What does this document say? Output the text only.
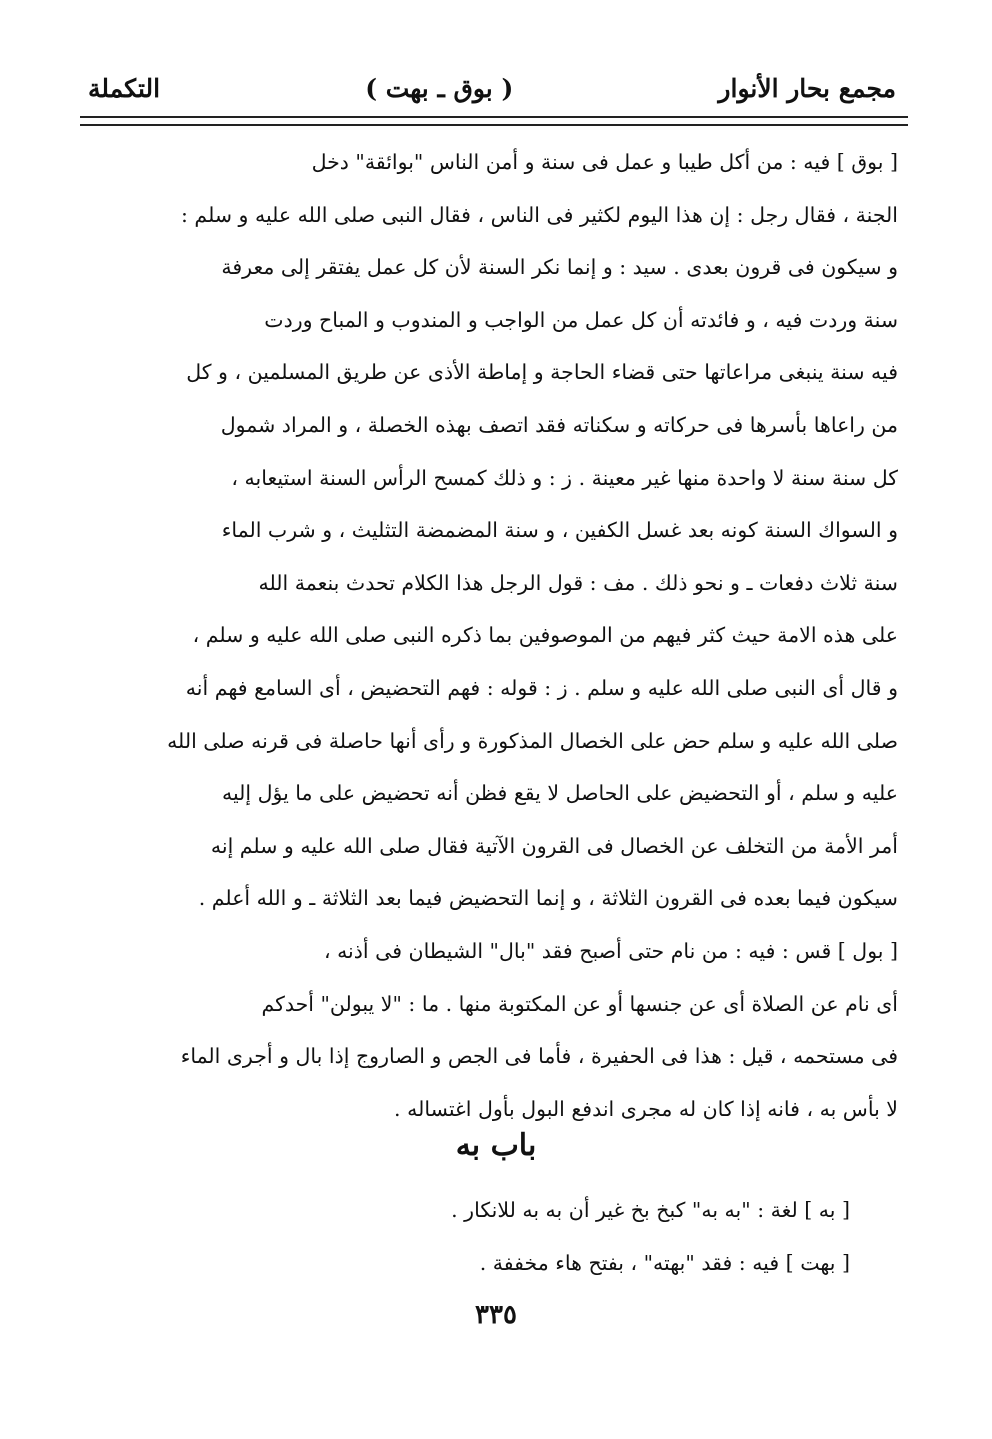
مجمع بحار الأنوار
( بوق ـ بهت )
التكملة
[ بوق ] فيه : من أكل طيبا و عمل فى سنة و أمن الناس "بوائقة" دخل
الجنة ، فقال رجل : إن هذا اليوم لكثير فى الناس ، فقال النبى صلى الله عليه و سلم :
و سيكون فى قرون بعدى . سيد : و إنما نكر السنة لأن كل عمل يفتقر إلى معرفة
سنة وردت فيه ، و فائدته أن كل عمل من الواجب و المندوب و المباح وردت
فيه سنة ينبغى مراعاتها حتى قضاء الحاجة و إماطة الأذى عن طريق المسلمين ، و كل
من راعاها بأسرها فى حركاته و سكناته فقد اتصف بهذه الخصلة ، و المراد شمول
كل سنة سنة لا واحدة منها غير معينة . ز : و ذلك كمسح الرأس السنة استيعابه ،
و السواك السنة كونه بعد غسل الكفين ، و سنة المضمضة التثليث ، و شرب الماء
سنة ثلاث دفعات ـ و نحو ذلك . مف : قول الرجل هذا الكلام تحدث بنعمة الله
على هذه الامة حيث كثر فيهم من الموصوفين بما ذكره النبى صلى الله عليه و سلم ،
و قال أى النبى صلى الله عليه و سلم . ز : قوله : فهم التحضيض ، أى السامع فهم أنه
صلى الله عليه و سلم حض على الخصال المذكورة و رأى أنها حاصلة فى قرنه صلى الله
عليه و سلم ، أو التحضيض على الحاصل لا يقع فظن أنه تحضيض على ما يؤل إليه
أمر الأمة من التخلف عن الخصال فى القرون الآتية فقال صلى الله عليه و سلم إنه
سيكون فيما بعده فى القرون الثلاثة ، و إنما التحضيض فيما بعد الثلاثة ـ و الله أعلم .
[ بول ] قس : فيه : من نام حتى أصبح فقد "بال" الشيطان فى أذنه ،
أى نام عن الصلاة أى عن جنسها أو عن المكتوبة منها . ما : "لا يبولن" أحدكم
فى مستحمه ، قيل : هذا فى الحفيرة ، فأما فى الجص و الصاروج إذا بال و أجرى الماء
لا بأس به ، فانه إذا كان له مجرى اندفع البول بأول اغتساله .
باب به
[ به ] لغة : "به به" كبخ بخ غير أن به به للانكار .
[ بهت ] فيه : فقد "بهته" ، بفتح هاء مخففة .
٣٣٥
